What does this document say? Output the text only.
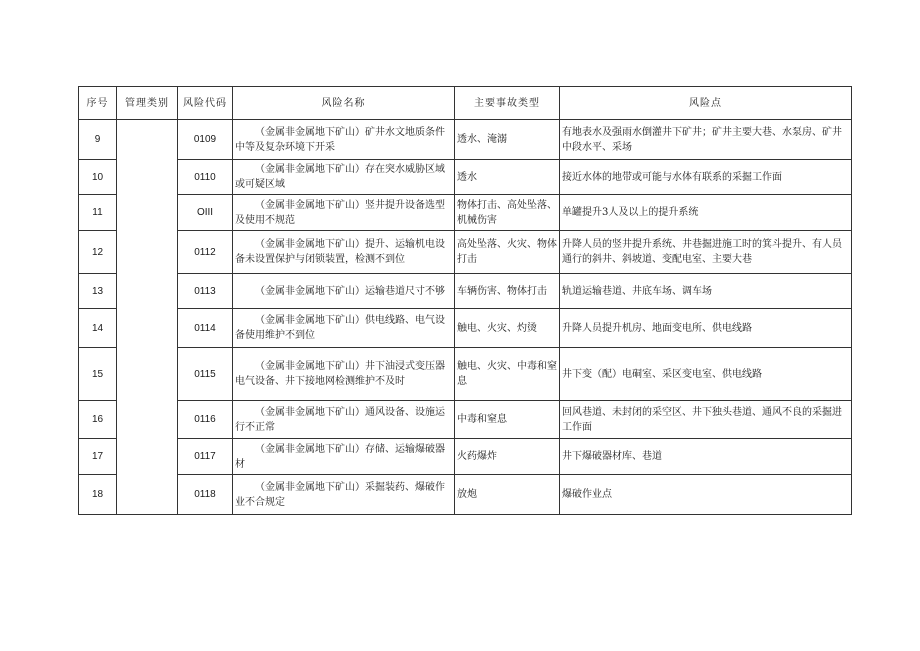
序号	管理类别	风险代码	风险名称	主要事故类型	风险点
9		0109	（金属非金属地下矿山）矿井水文地质条件中等及复杂环境下开采	透水、淹溺	有地表水及强雨水倒灌井下矿井；矿井主要大巷、水泵房、矿井中段水平、采场
10		0110	（金属非金属地下矿山）存在突水威胁区域或可疑区域	透水	接近水体的地带或可能与水体有联系的采掘工作面
11		OIII	（金属非金属地下矿山）竖井提升设备选型及使用不规范	物体打击、高处坠落、机械伤害	单罐提升3人及以上的提升系统
12		0112	（金属非金属地下矿山）提升、运输机电设备未设置保护与闭锁装置，检测不到位	高处坠落、火灾、物体打击	升降人员的竖井提升系统、井巷掘进施工时的箕斗提升、有人员通行的斜井、斜坡道、变配电室、主要大巷
13		0113	（金属非金属地下矿山）运输巷道尺寸不够	车辆伤害、物体打击	轨道运输巷道、井底车场、调车场
14		0114	（金属非金属地下矿山）供电线路、电气设备使用维护不到位	触电、火灾、灼烫	升降人员提升机房、地面变电所、供电线路
15		0115	（金属非金属地下矿山）井下油浸式变压器电气设备、井下接地网检测维护不及时	触电、火灾、中毒和窒息	井下变（配）电硐室、采区变电室、供电线路
16		0116	（金属非金属地下矿山）通风设备、设施运行不正常	中毒和窒息	回风巷道、未封闭的采空区、井下独头巷道、通风不良的采掘进工作面
17		0117	（金属非金属地下矿山）存储、运输爆破器材	火药爆炸	井下爆破器材库、巷道
18		0118	（金属非金属地下矿山）采掘装药、爆破作业不合规定	放炮	爆破作业点
